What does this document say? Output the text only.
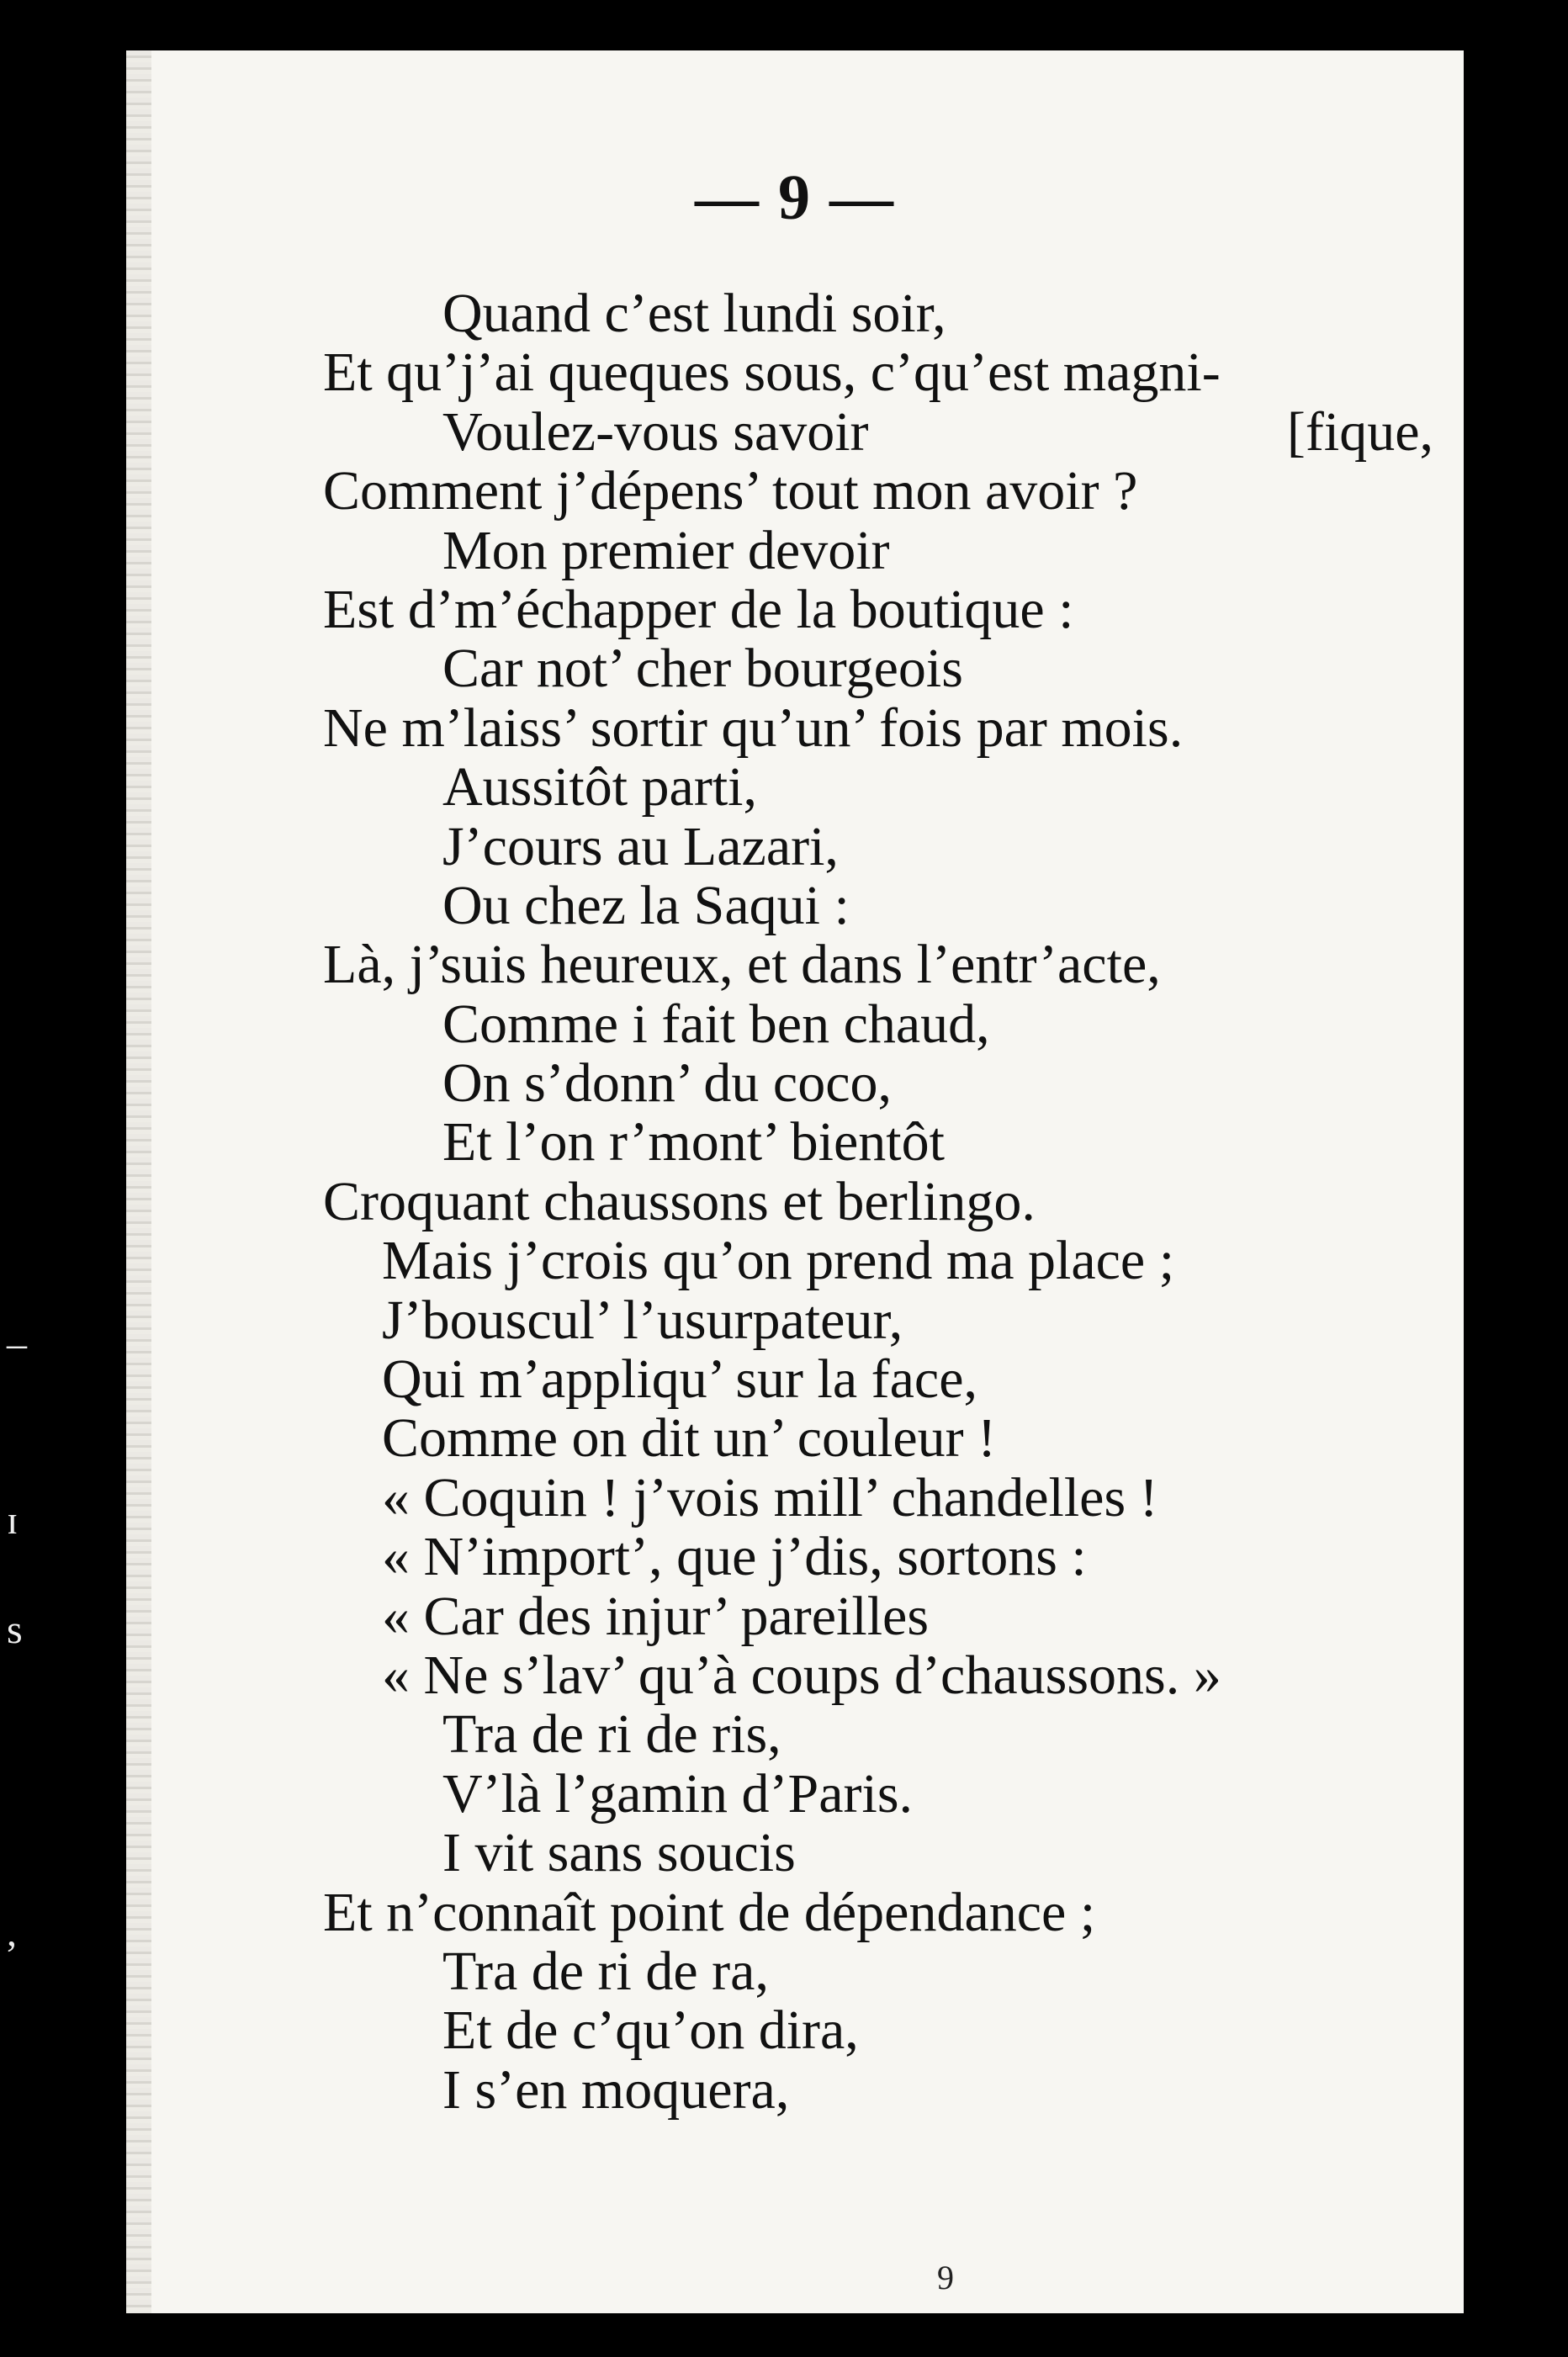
–
ɪ
s
,
— 9 —
Quand c’est lundi soir,
Et qu’j’ai queques sous, c’qu’est magni-
Voulez-vous savoir	[fique,
Comment j’dépens’ tout mon avoir ?
Mon premier devoir
Est d’m’échapper de la boutique :
Car not’ cher bourgeois
Ne m’laiss’ sortir qu’un’ fois par mois.
Aussitôt parti,
J’cours au Lazari,
Ou chez la Saqui :
Là, j’suis heureux, et dans l’entr’acte,
Comme i fait ben chaud,
On s’donn’ du coco,
Et l’on r’mont’ bientôt
Croquant chaussons et berlingo.
Mais j’crois qu’on prend ma place ;
J’bouscul’ l’usurpateur,
Qui m’appliqu’ sur la face,
Comme on dit un’ couleur !
« Coquin ! j’vois mill’ chandelles !
« N’import’, que j’dis, sortons :
« Car des injur’ pareilles
« Ne s’lav’ qu’à coups d’chaussons. »
Tra de ri de ris,
V’là l’gamin d’Paris.
I vit sans soucis
Et n’connaît point de dépendance ;
Tra de ri de ra,
Et de c’qu’on dira,
I s’en moquera,
9
